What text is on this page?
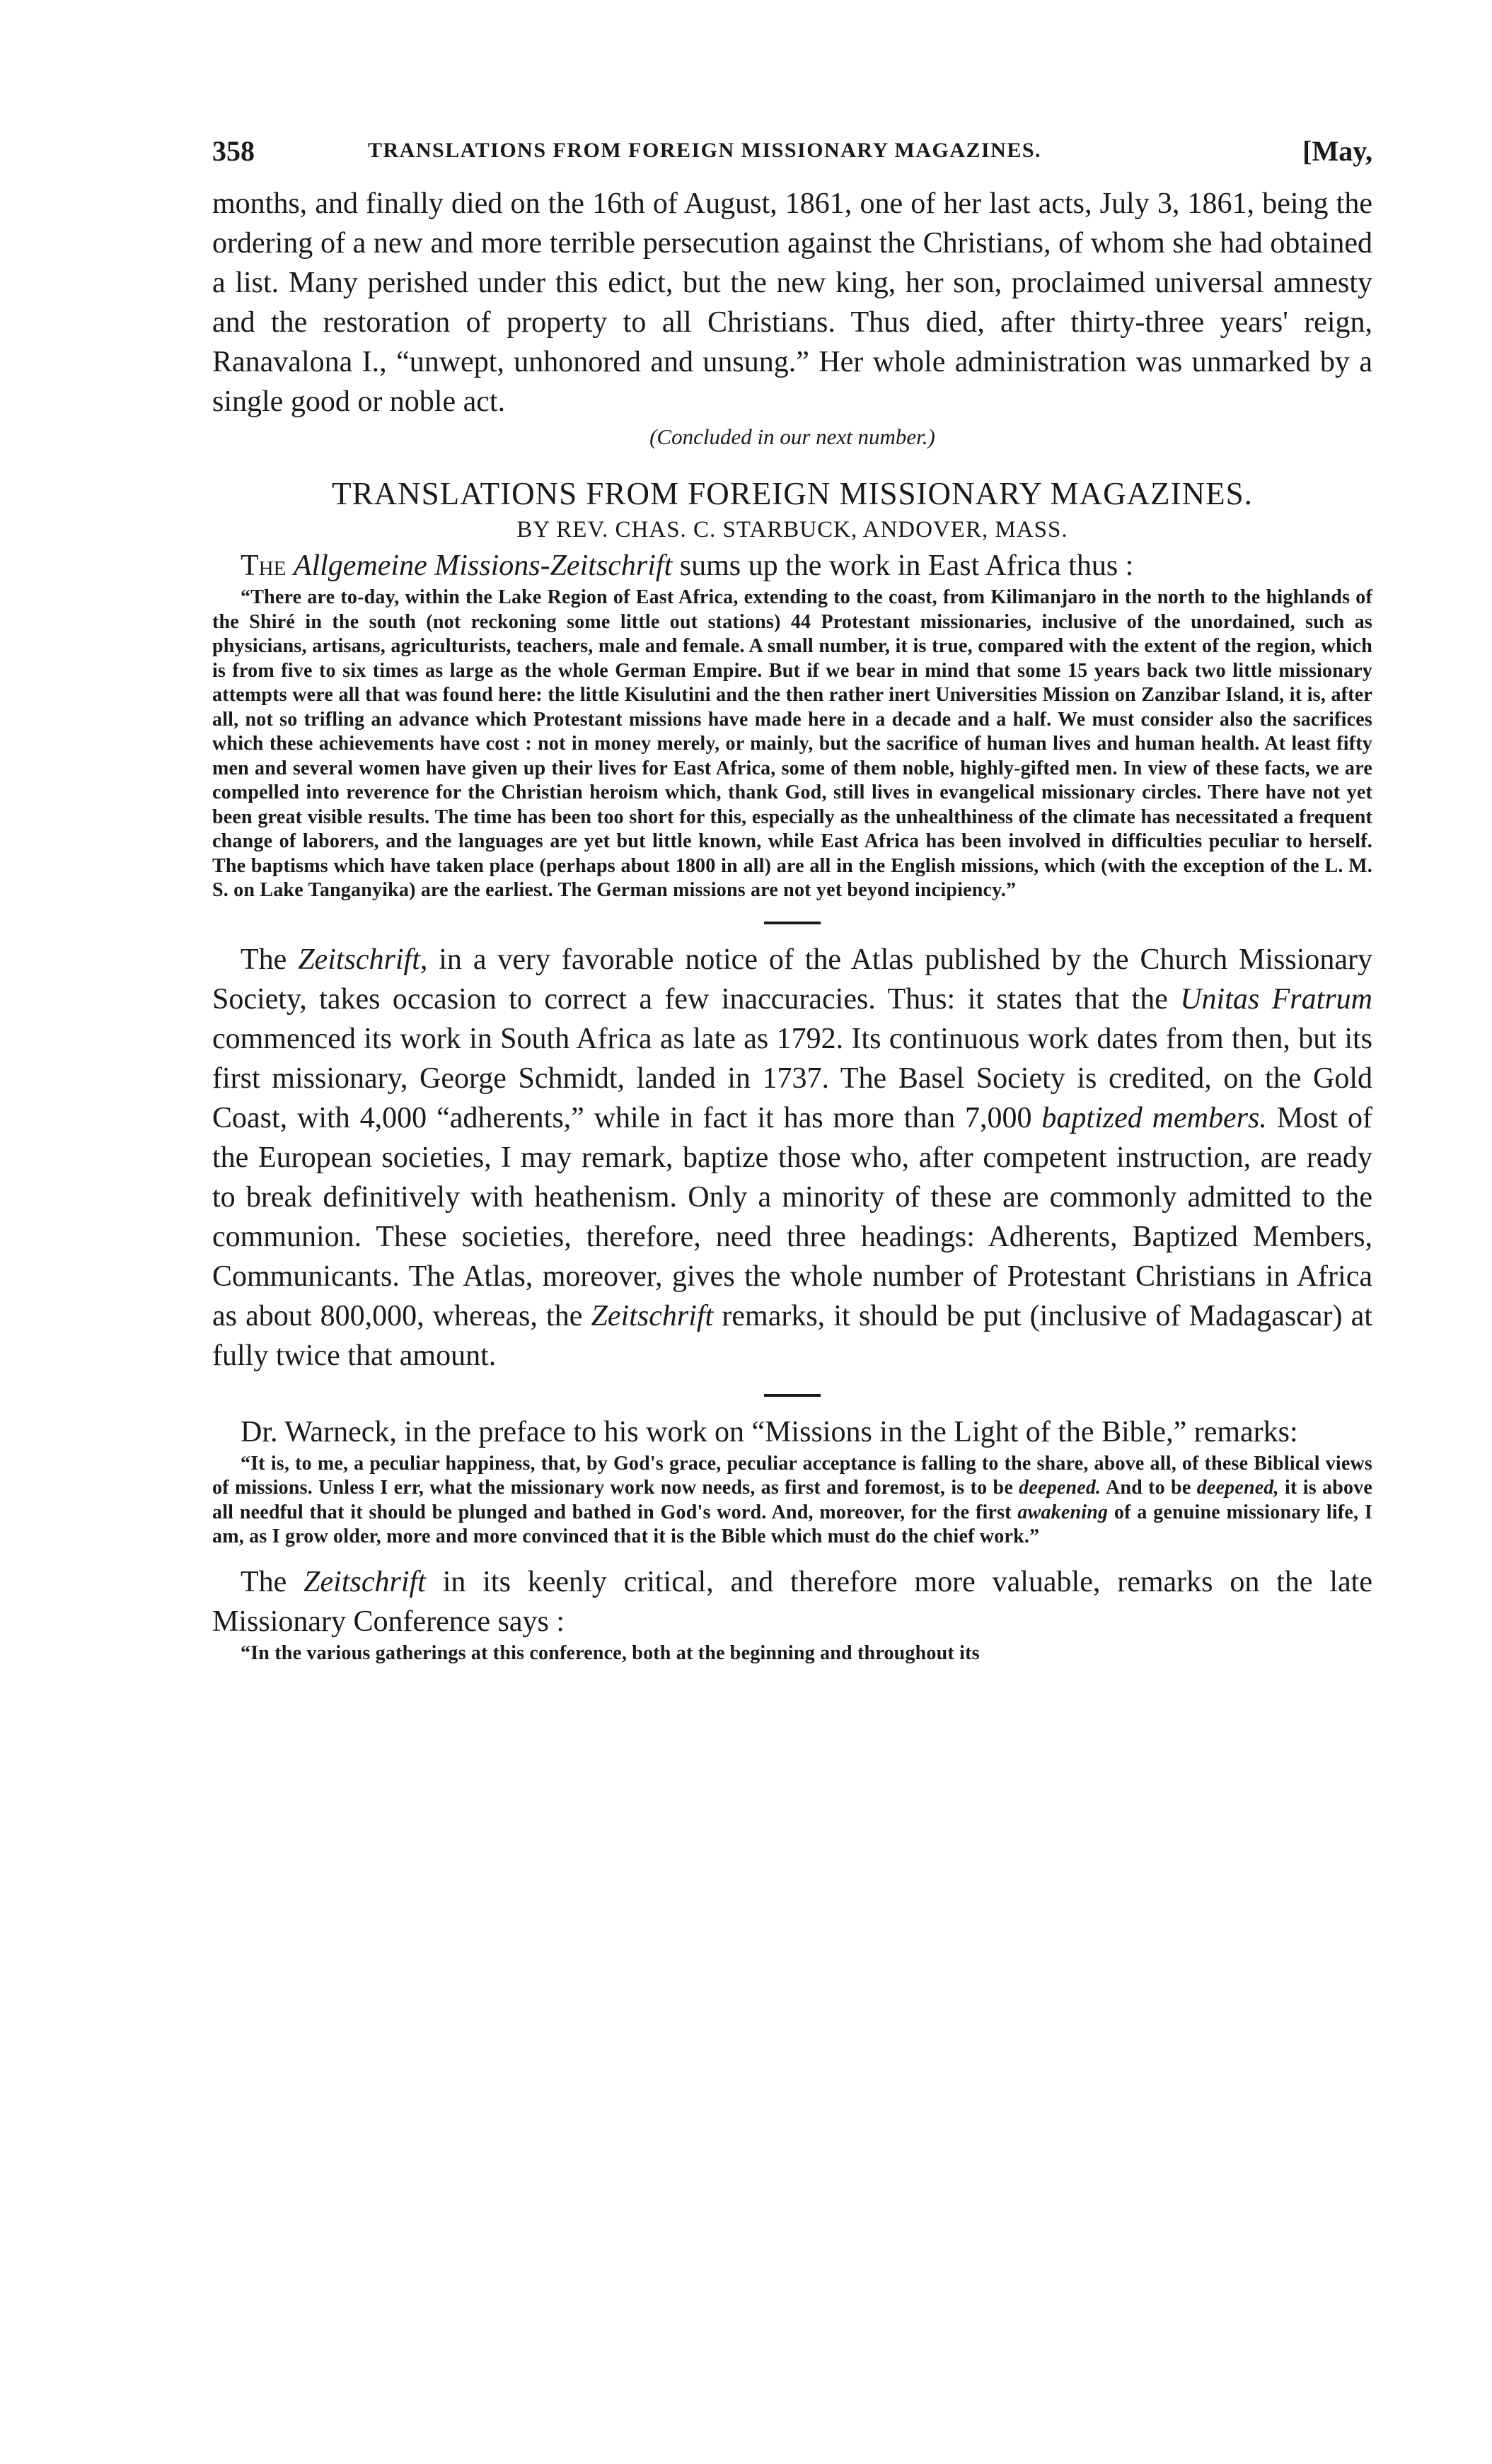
358	TRANSLATIONS FROM FOREIGN MISSIONARY MAGAZINES.	[May,

months, and finally died on the 16th of August, 1861, one of her last acts, July 3, 1861, being the ordering of a new and more terrible persecution against the Christians, of whom she had obtained a list. Many perished under this edict, but the new king, her son, proclaimed universal amnesty and the restoration of property to all Christians. Thus died, after thirty-three years' reign, Ranavalona I., “unwept, unhonored and unsung.” Her whole administration was unmarked by a single good or noble act.

(Concluded in our next number.)

TRANSLATIONS FROM FOREIGN MISSIONARY MAGAZINES.

BY REV. CHAS. C. STARBUCK, ANDOVER, MASS.

The Allgemeine Missions-Zeitschrift sums up the work in East Africa thus :

“There are to-day, within the Lake Region of East Africa, extending to the coast, from Kilimanjaro in the north to the highlands of the Shiré in the south (not reckoning some little out stations) 44 Protestant missionaries, inclusive of the unordained, such as physicians, artisans, agriculturists, teachers, male and female. A small number, it is true, compared with the extent of the region, which is from five to six times as large as the whole German Empire. But if we bear in mind that some 15 years back two little missionary attempts were all that was found here: the little Kisulutini and the then rather inert Universities Mission on Zanzibar Island, it is, after all, not so trifling an advance which Protestant missions have made here in a decade and a half. We must consider also the sacrifices which these achievements have cost : not in money merely, or mainly, but the sacrifice of human lives and human health. At least fifty men and several women have given up their lives for East Africa, some of them noble, highly-gifted men. In view of these facts, we are compelled into reverence for the Christian heroism which, thank God, still lives in evangelical missionary circles. There have not yet been great visible results. The time has been too short for this, especially as the unhealthiness of the climate has necessitated a frequent change of laborers, and the languages are yet but little known, while East Africa has been involved in difficulties peculiar to herself. The baptisms which have taken place (perhaps about 1800 in all) are all in the English missions, which (with the exception of the L. M. S. on Lake Tanganyika) are the earliest. The German missions are not yet beyond incipiency.”

The Zeitschrift, in a very favorable notice of the Atlas published by the Church Missionary Society, takes occasion to correct a few inaccuracies. Thus: it states that the Unitas Fratrum commenced its work in South Africa as late as 1792. Its continuous work dates from then, but its first missionary, George Schmidt, landed in 1737. The Basel Society is credited, on the Gold Coast, with 4,000 “adherents,” while in fact it has more than 7,000 baptized members. Most of the European societies, I may remark, baptize those who, after competent instruction, are ready to break definitively with heathenism. Only a minority of these are commonly admitted to the communion. These societies, therefore, need three headings: Adherents, Baptized Members, Communicants. The Atlas, moreover, gives the whole number of Protestant Christians in Africa as about 800,000, whereas, the Zeitschrift remarks, it should be put (inclusive of Madagascar) at fully twice that amount.

Dr. Warneck, in the preface to his work on “Missions in the Light of the Bible,” remarks:

“It is, to me, a peculiar happiness, that, by God's grace, peculiar acceptance is falling to the share, above all, of these Biblical views of missions. Unless I err, what the missionary work now needs, as first and foremost, is to be deepened. And to be deepened, it is above all needful that it should be plunged and bathed in God's word. And, moreover, for the first awakening of a genuine missionary life, I am, as I grow older, more and more convinced that it is the Bible which must do the chief work.”

The Zeitschrift in its keenly critical, and therefore more valuable, remarks on the late Missionary Conference says :

“In the various gatherings at this conference, both at the beginning and throughout its
